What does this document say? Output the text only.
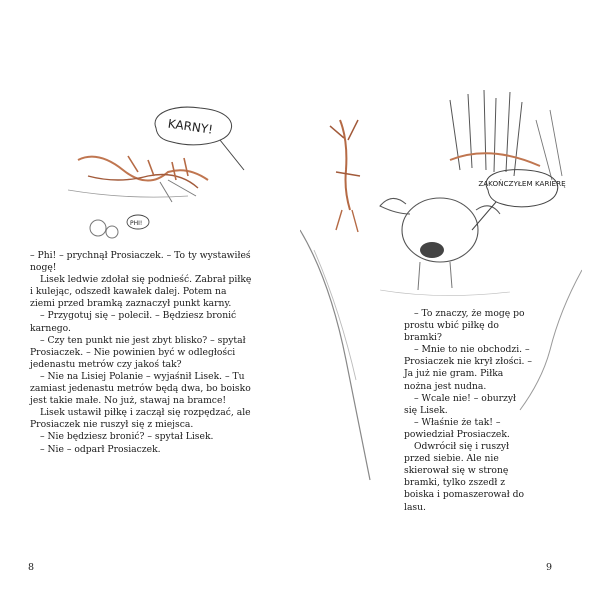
KARNY!
PHI!

– Phi! – prychnął Prosiaczek. – To ty wystawiłeś nogę!

Lisek ledwie zdołał się podnieść. Zabrał piłkę i kulejąc, odszedł kawałek dalej. Potem na ziemi przed bramką zaznaczył punkt karny.

– Przygotuj się – polecił. – Będziesz bronić karnego.

– Czy ten punkt nie jest zbyt blisko? – spytał Prosiaczek. – Nie powinien być w odległości jedenastu metrów czy jakoś tak?

– Nie na Lisiej Polanie – wyjaśnił Lisek. – Tu zamiast jedenastu metrów będą dwa, bo boisko jest takie małe. No już, stawaj na bramce!

Lisek ustawił piłkę i zaczął się rozpędzać, ale Prosiaczek nie ruszył się z miejsca.

– Nie będziesz bronić? – spytał Lisek.

– Nie – odparł Prosiaczek.

8
ZAKOŃCZYŁEM KARIERĘ

– To znaczy, że mogę po prostu wbić piłkę do bramki?

– Mnie to nie obchodzi. – Prosiaczek nie krył złości. – Ja już nie gram. Piłka nożna jest nudna.

– Wcale nie! – oburzył się Lisek.

– Właśnie że tak! – powiedział Prosiaczek.

Odwrócił się i ruszył przed siebie. Ale nie skierował się w stronę bramki, tylko zszedł z boiska i pomaszerował do lasu.

9
